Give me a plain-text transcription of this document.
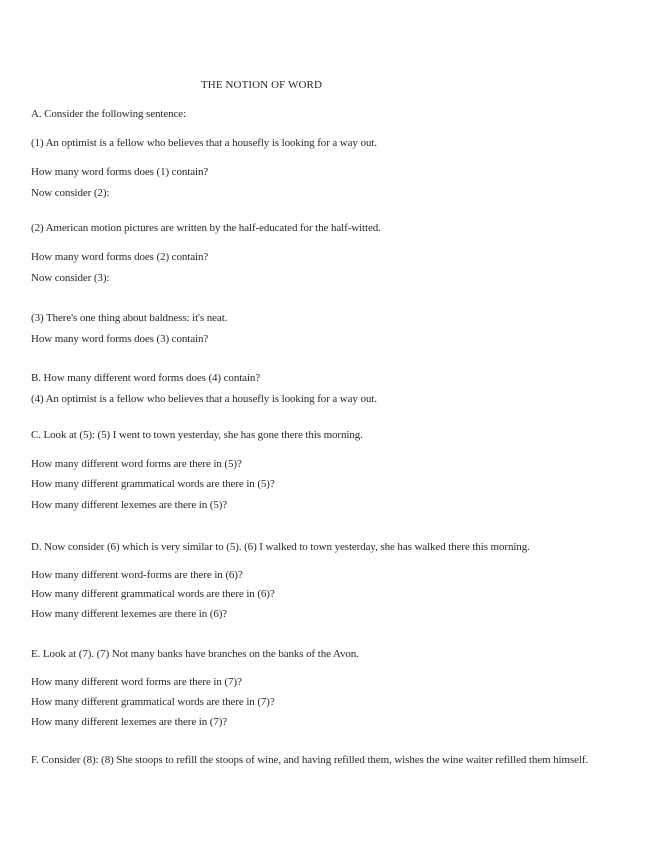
THE NOTION OF WORD
A. Consider the following sentence:
(1) An optimist is a fellow who believes that a housefly is looking for a way out.
How many word forms does (1) contain?
Now consider (2):
(2) American motion pictures are written by the half-educated for the half-witted.
How many word forms does (2) contain?
Now consider (3):
(3) There's one thing about baldness: it's neat.
How many word forms does (3) contain?
B. How many different word forms does (4) contain?
(4) An optimist is a fellow who believes that a housefly is looking for a way out.
C. Look at (5): (5) I went to town yesterday, she has gone there this morning.
How many different word forms are there in (5)?
How many different grammatical words are there in (5)?
How many different lexemes are there in (5)?
D. Now consider (6) which is very similar to (5). (6) I walked to town yesterday, she has walked there this morning.
How many different word-forms are there in (6)?
How many different grammatical words are there in (6)?
How many different lexemes are there in (6)?
E. Look at (7). (7) Not many banks have branches on the banks of the Avon.
How many different word forms are there in (7)?
How many different grammatical words are there in (7)?
How many different lexemes are there in (7)?
F. Consider (8): (8) She stoops to refill the stoops of wine, and having refilled them, wishes the wine waiter refilled them himself.
